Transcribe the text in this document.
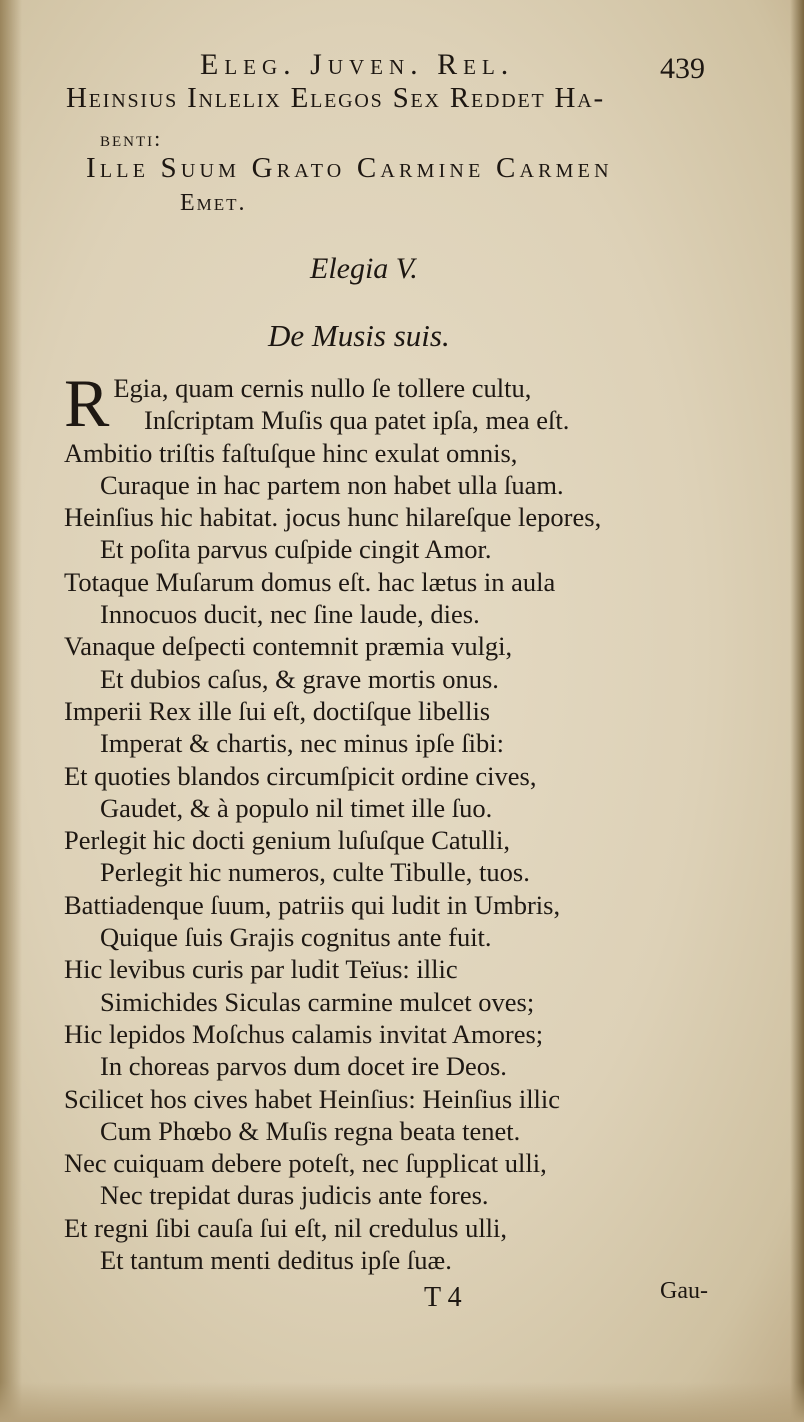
Eleg. Juven. Rel.	439
Heinsius Inlelix Elegos Sex Reddet Ha-
benti:
Ille Suum Grato Carmine Carmen
Emet.
Elegia V.
De Musis suis.
R Egia, quam cernis nullo ſe tollere cultu,
Inſcriptam Muſis qua patet ipſa, mea eſt.
Ambitio triſtis faſtuſque hinc exulat omnis,
Curaque in hac partem non habet ulla ſuam.
Heinſius hic habitat. jocus hunc hilareſque lepores,
Et poſita parvus cuſpide cingit Amor.
Totaque Muſarum domus eſt. hac lætus in aula
Innocuos ducit, nec ſine laude, dies.
Vanaque deſpecti contemnit præmia vulgi,
Et dubios caſus, & grave mortis onus.
Imperii Rex ille ſui eſt, doctiſque libellis
Imperat & chartis, nec minus ipſe ſibi:
Et quoties blandos circumſpicit ordine cives,
Gaudet, & à populo nil timet ille ſuo.
Perlegit hic docti genium luſuſque Catulli,
Perlegit hic numeros, culte Tibulle, tuos.
Battiadenque ſuum, patriis qui ludit in Umbris,
Quique ſuis Grajis cognitus ante fuit.
Hic levibus curis par ludit Teïus: illic
Simichides Siculas carmine mulcet oves;
Hic lepidos Moſchus calamis invitat Amores;
In choreas parvos dum docet ire Deos.
Scilicet hos cives habet Heinſius: Heinſius illic
Cum Phœbo & Muſis regna beata tenet.
Nec cuiquam debere poteſt, nec ſupplicat ulli,
Nec trepidat duras judicis ante fores.
Et regni ſibi cauſa ſui eſt, nil credulus ulli,
Et tantum menti deditus ipſe ſuæ.
T 4	Gau-
